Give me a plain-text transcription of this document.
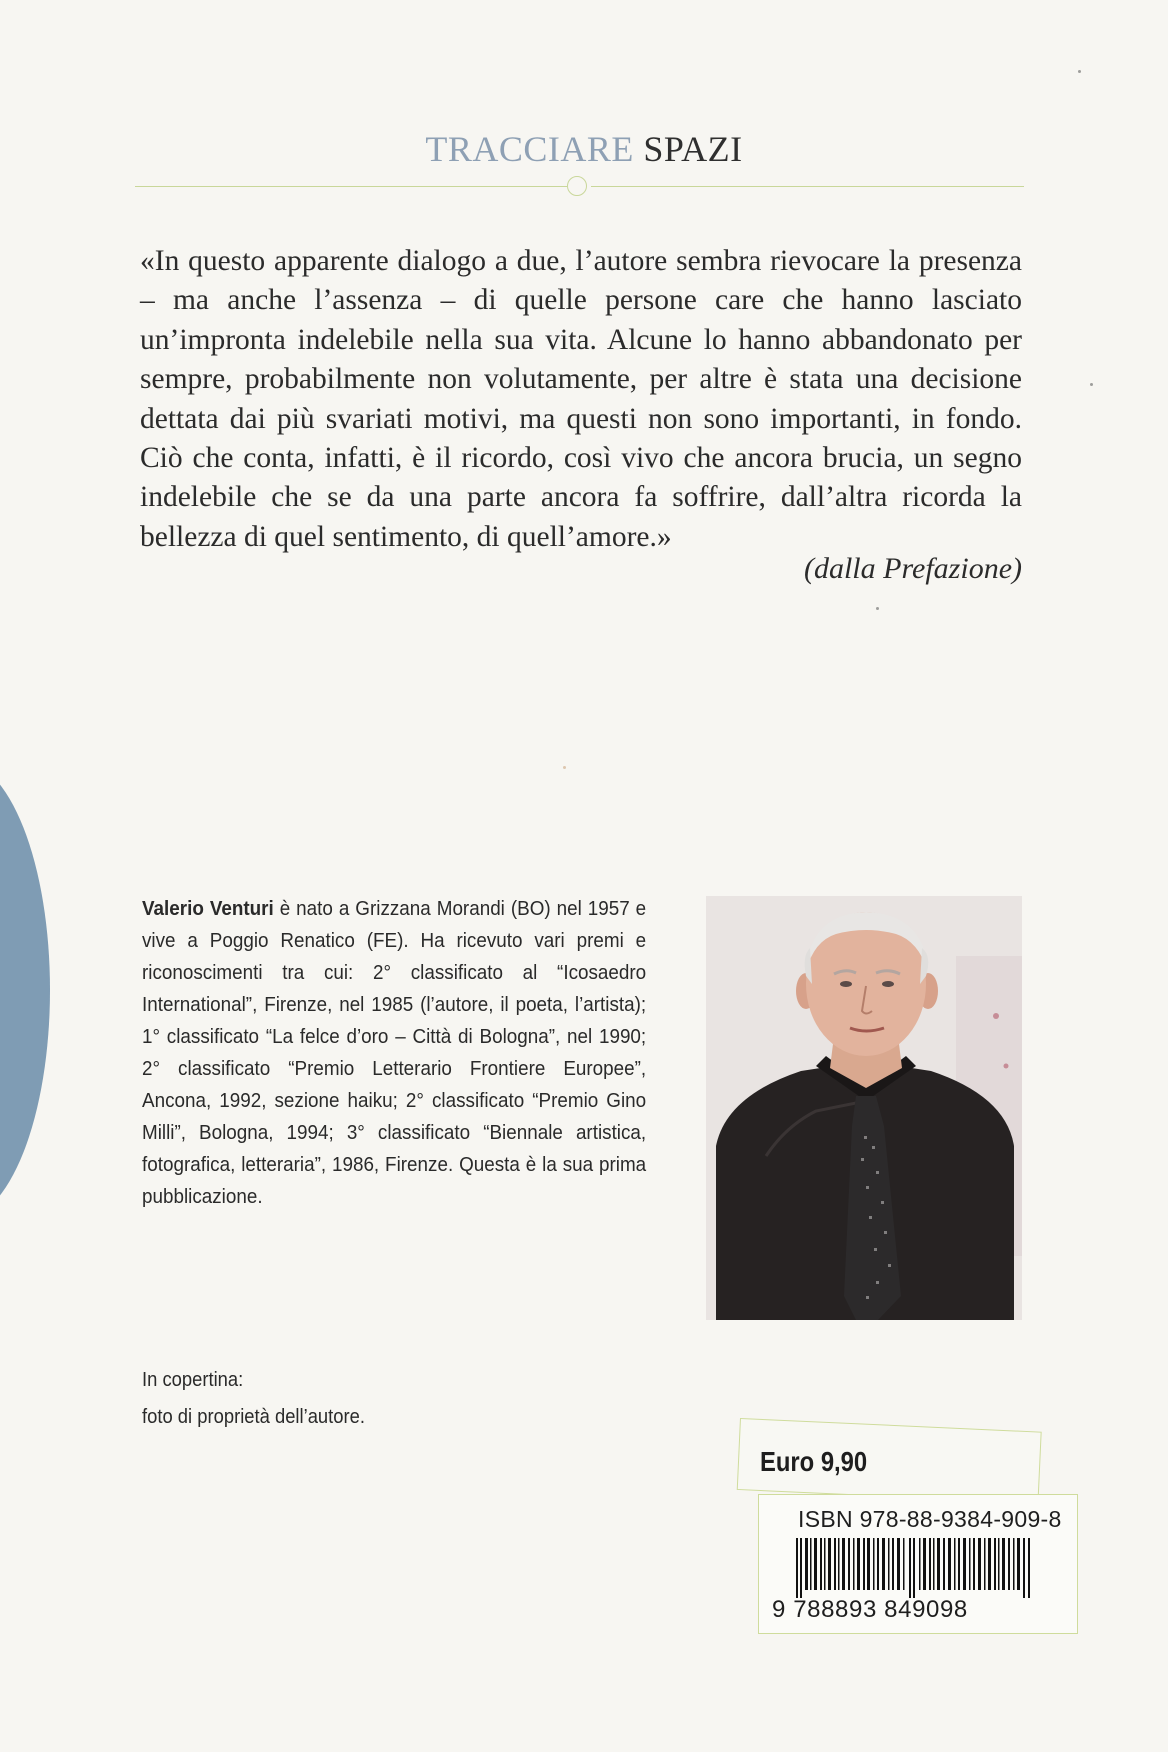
TRACCIARE SPAZI
«In questo apparente dialogo a due, l’autore sembra rievocare la presenza – ma anche l’assenza – di quelle persone care che hanno lasciato un’impronta indelebile nella sua vita. Alcune lo hanno abbandonato per sempre, probabilmente non volutamente, per altre è stata una decisione dettata dai più svariati motivi, ma questi non sono importanti, in fondo. Ciò che conta, infatti, è il ricordo, così vivo che ancora brucia, un segno indelebile che se da una parte ancora fa soffrire, dall’altra ricorda la bellezza di quel sentimento, di quell’amore.»
(dalla Prefazione)
Valerio Venturi è nato a Grizzana Morandi (BO) nel 1957 e vive a Poggio Renatico (FE). Ha ricevuto vari premi e riconoscimenti tra cui: 2° classificato al “Icosaedro International”, Firenze, nel 1985 (l’autore, il poeta, l’artista); 1° classificato “La felce d’oro – Città di Bologna”, nel 1990; 2° classificato “Premio Letterario Frontiere Europee”, Ancona, 1992, sezione haiku; 2° classificato “Premio Gino Milli”, Bologna, 1994; 3° classificato “Biennale artistica, fotografica, letteraria”, 1986, Firenze. Questa è la sua prima pubblicazione.
In copertina:
foto di proprietà dell’autore.
Euro 9,90
ISBN 978-88-9384-909-8
9 788893 849098
